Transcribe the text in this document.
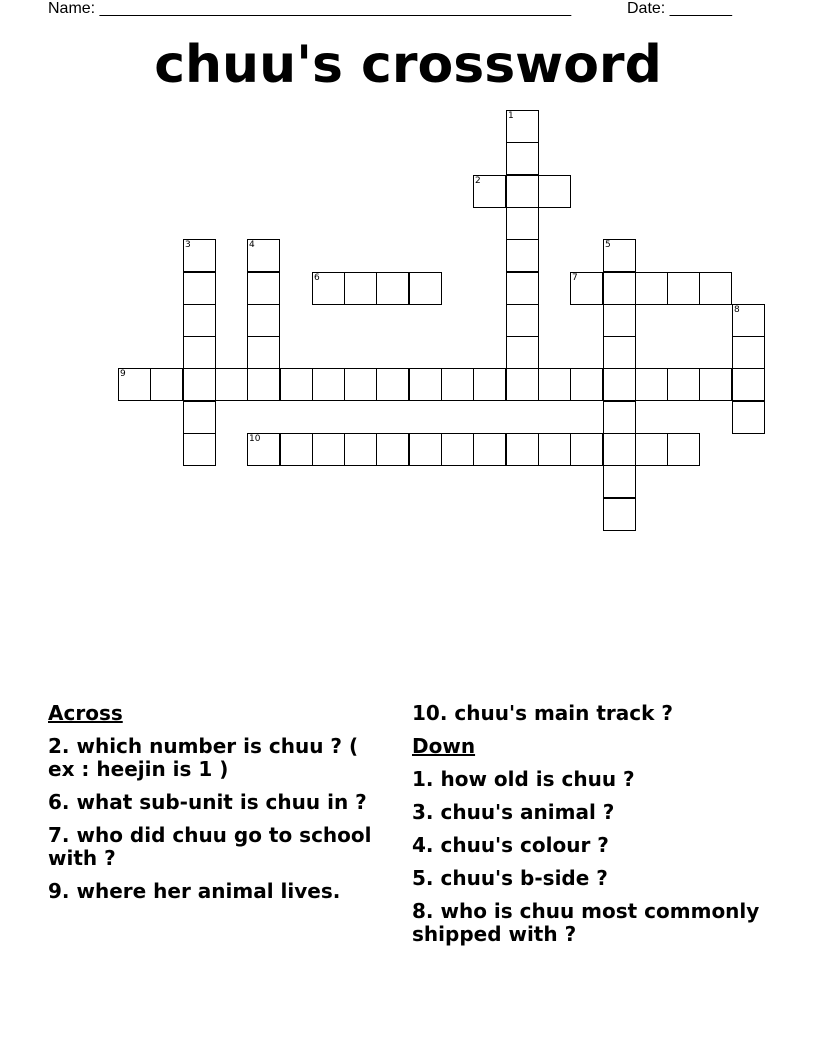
Name: _____________________________________________________	Date: _______
chuu's crossword
1
2
3	4	5
6	7
8
9
10
Across
2. which number is chuu ? ( ex : heejin is 1 )
6. what sub-unit is chuu in ?
7. who did chuu go to school with ?
9. where her animal lives.
10. chuu's main track ?
Down
1. how old is chuu ?
3. chuu's animal ?
4. chuu's colour ?
5. chuu's b-side ?
8. who is chuu most commonly shipped with ?
